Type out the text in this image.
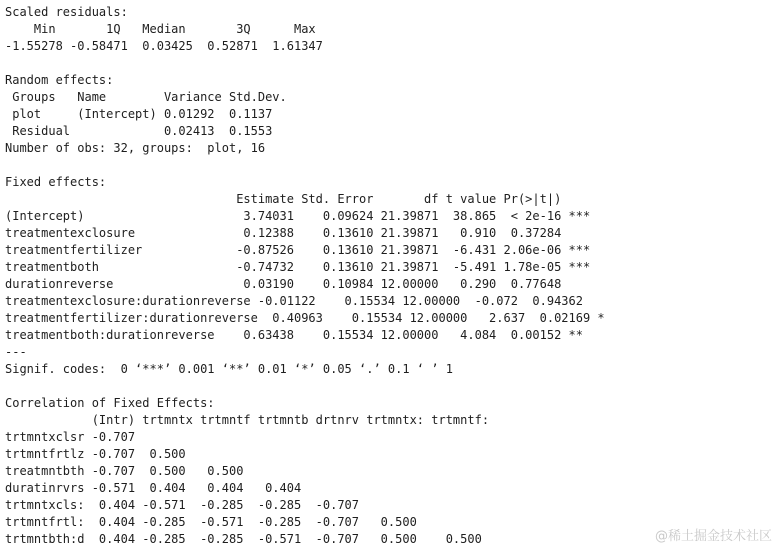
Scaled residuals:
Min       1Q   Median       3Q      Max
-1.55278 -0.58471  0.03425  0.52871  1.61347
Random effects:
Groups   Name        Variance Std.Dev.
plot     (Intercept) 0.01292  0.1137
Residual             0.02413  0.1553
Number of obs: 32, groups:  plot, 16
Fixed effects:
Estimate Std. Error       df t value Pr(>|t|)
(Intercept)                      3.74031    0.09624 21.39871  38.865  < 2e-16 ***
treatmentexclosure               0.12388    0.13610 21.39871   0.910  0.37284
treatmentfertilizer             -0.87526    0.13610 21.39871  -6.431 2.06e-06 ***
treatmentboth                   -0.74732    0.13610 21.39871  -5.491 1.78e-05 ***
durationreverse                  0.03190    0.10984 12.00000   0.290  0.77648
treatmentexclosure:durationreverse -0.01122    0.15534 12.00000  -0.072  0.94362
treatmentfertilizer:durationreverse  0.40963    0.15534 12.00000   2.637  0.02169 *
treatmentboth:durationreverse    0.63438    0.15534 12.00000   4.084  0.00152 **
---
Signif. codes:  0 ‘***’ 0.001 ‘**’ 0.01 ‘*’ 0.05 ‘.’ 0.1 ‘ ’ 1
Correlation of Fixed Effects:
(Intr) trtmntx trtmntf trtmntb drtnrv trtmntx: trtmntf:
trtmntxclsr -0.707
trtmntfrtlz -0.707  0.500
treatmntbth -0.707  0.500   0.500
duratinrvrs -0.571  0.404   0.404   0.404
trtmntxcls:  0.404 -0.571  -0.285  -0.285  -0.707
trtmntfrtl:  0.404 -0.285  -0.571  -0.285  -0.707   0.500
trtmntbth:d  0.404 -0.285  -0.285  -0.571  -0.707   0.500    0.500	@稀土掘金技术社区
